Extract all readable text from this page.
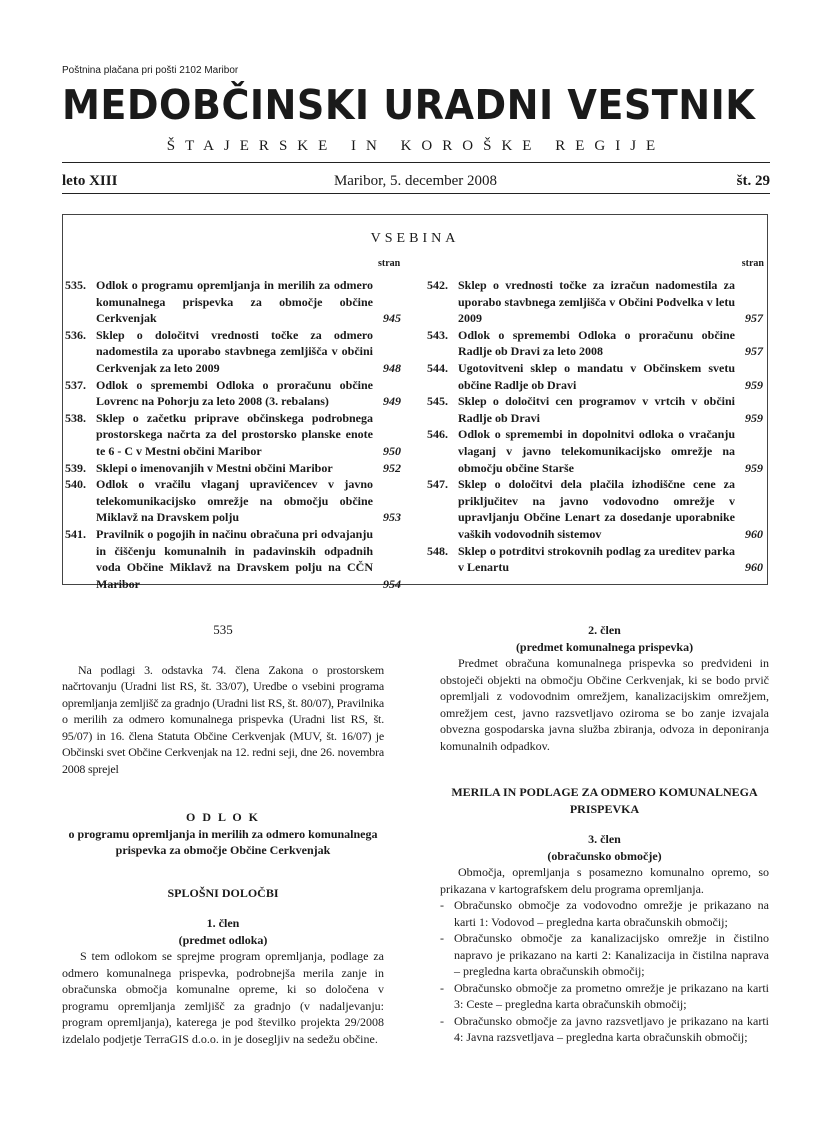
Poštnina plačana pri pošti 2102 Maribor
MEDOBČINSKI URADNI VESTNIK
ŠTAJERSKE IN KOROŠKE REGIJE
leto XIII	Maribor, 5. december 2008	št. 29
VSEBINA
stran	stran
535. Odlok o programu opremljanja in merilih za odmero komunalnega prispevka za območje občine Cerkvenjak	945
536. Sklep o določitvi vrednosti točke za odmero nadomestila za uporabo stavbnega zemljišča v občini Cerkvenjak za leto 2009	948
537. Odlok o spremembi Odloka o proračunu občine Lovrenc na Pohorju za leto 2008 (3. rebalans)	949
538. Sklep o začetku priprave občinskega podrobnega prostorskega načrta za del prostorsko planske enote te 6 - C v Mestni občini Maribor	950
539. Sklepi o imenovanjih v Mestni občini Maribor	952
540. Odlok o vračilu vlaganj upravičencev v javno telekomunikacijsko omrežje na območju občine Miklavž na Dravskem polju	953
541. Pravilnik o pogojih in načinu obračuna pri odvajanju in čiščenju komunalnih in padavinskih odpadnih voda Občine Miklavž na Dravskem polju na CČN Maribor	954
542. Sklep o vrednosti točke za izračun nadomestila za uporabo stavbnega zemljišča v Občini Podvelka v letu 2009	957
543. Odlok o spremembi Odloka o proračunu občine Radlje ob Dravi za leto 2008	957
544. Ugotovitveni sklep o mandatu v Občinskem svetu občine Radlje ob Dravi	959
545. Sklep o določitvi cen programov v vrtcih v občini Radlje ob Dravi	959
546. Odlok o spremembi in dopolnitvi odloka o vračanju vlaganj v javno telekomunikacijsko omrežje na območju občine Starše	959
547. Sklep o določitvi dela plačila izhodiščne cene za priključitev na javno vodovodno omrežje v upravljanju Občine Lenart za dosedanje uporabnike vaških vodovodnih sistemov	960
548. Sklep o potrditvi strokovnih podlag za ureditev parka v Lenartu	960
535

Na podlagi 3. odstavka 74. člena Zakona o prostorskem načrtovanju (Uradni list RS, št. 33/07), Uredbe o vsebini programa opremljanja zemljišč za gradnjo (Uradni list RS, št. 80/07), Pravilnika o merilih za odmero komunalnega prispevka (Uradni list RS, št. 95/07) in 16. člena Statuta Občine Cerkvenjak (MUV, št. 16/07) je Občinski svet Občine Cerkvenjak na 12. redni seji, dne 26. novembra 2008 sprejel

O D L O K
o programu opremljanja in merilih za odmero komunalnega prispevka za območje Občine Cerkvenjak
SPLOŠNI DOLOČBI
1. člen
(predmet odloka)

S tem odlokom se sprejme program opremljanja, podlage za odmero komunalnega prispevka, podrobnejša merila zanje in obračunska območja komunalne opreme, ki so določena v programu opremljanja zemljišč za gradnjo (v nadaljevanju: program opremljanja), katerega je pod številko projekta 29/2008 izdelalo podjetje TerraGIS d.o.o. in je dosegljiv na sedežu občine.

2. člen
(predmet komunalnega prispevka)

Predmet obračuna komunalnega prispevka so predvideni in obstoječi objekti na območju Občine Cerkvenjak, ki se bodo prvič opremljali z vodovodnim omrežjem, kanalizacijskim omrežjem, omrežjem cest, javno razsvetljavo oziroma se bo zanje izvajala obvezna gospodarska javna služba zbiranja, odvoza in deponiranja komunalnih odpadkov.

MERILA IN PODLAGE ZA ODMERO KOMUNALNEGA PRISPEVKA
3. člen
(obračunsko območje)

Območja, opremljanja s posamezno komunalno opremo, so prikazana v kartografskem delu programa opremljanja.

- Obračunsko območje za vodovodno omrežje je prikazano na karti 1: Vodovod – pregledna karta obračunskih območij;
- Obračunsko območje za kanalizacijsko omrežje in čistilno napravo je prikazano na karti 2: Kanalizacija in čistilna naprava – pregledna karta obračunskih območij;
- Obračunsko območje za prometno omrežje je prikazano na karti 3: Ceste – pregledna karta obračunskih območij;
- Obračunsko območje za javno razsvetljavo je prikazano na karti 4: Javna razsvetljava – pregledna karta obračunskih območij;
